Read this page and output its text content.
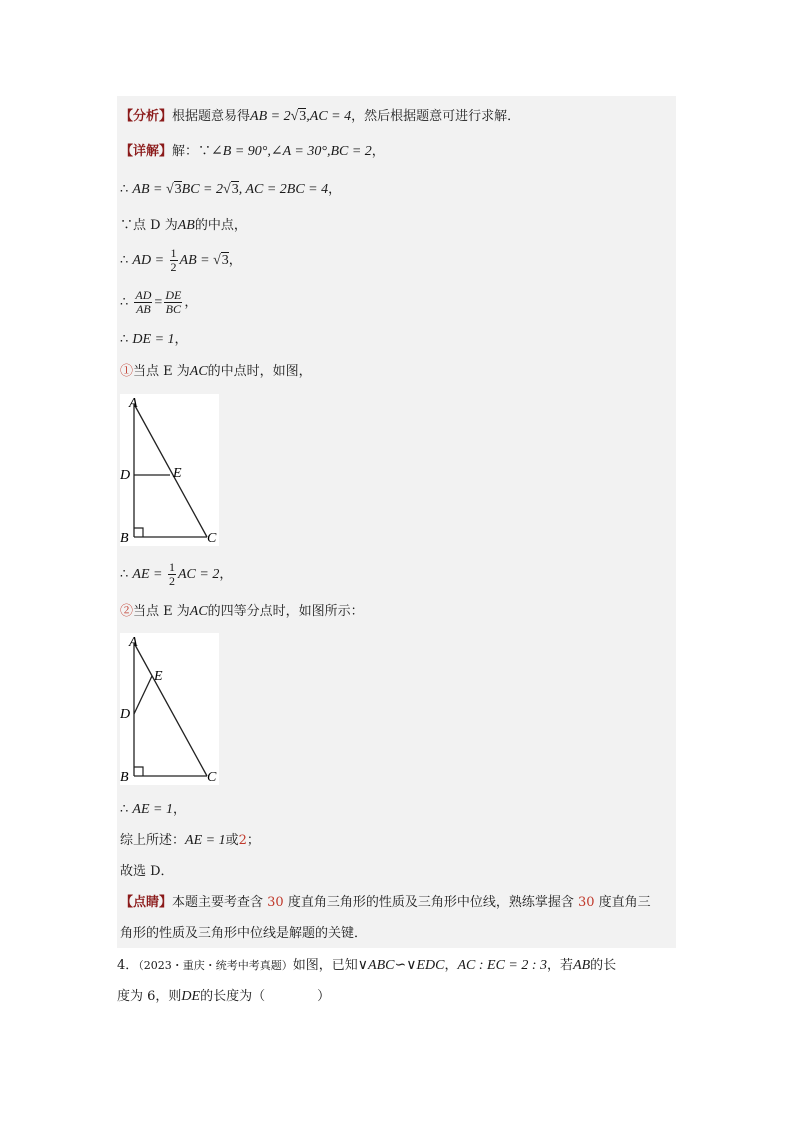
【分析】根据题意易得AB = 2√3,AC = 4，然后根据题意可进行求解．
【详解】解：∵∠B = 90°,∠A = 30°,BC = 2，
∴ AB = √3BC = 2√3, AC = 2BC = 4，
∵点 D 为AB的中点，
∴ AD = $\frac{1}{2}$ AB = √3，
∴ $\frac{AD}{AB} = \frac{DE}{BC}$ ，
∴ DE = 1，
①当点 E 为AC的中点时，如图，
A
D	E
B	C
∴ AE = $\frac{1}{2}$ AC = 2，
②当点 E 为AC的四等分点时，如图所示：
A
E
D
B	C
∴ AE = 1，
综上所述：AE = 1或2；
故选 D．
【点睛】本题主要考查含 30 度直角三角形的性质及三角形中位线，熟练掌握含 30 度直角三
角形的性质及三角形中位线是解题的关键．
4．（2023・重庆・统考中考真题）如图，已知∨ABC∽∨EDC，AC : EC = 2 : 3，若AB的长
度为 6，则DE的长度为（　　　　）
